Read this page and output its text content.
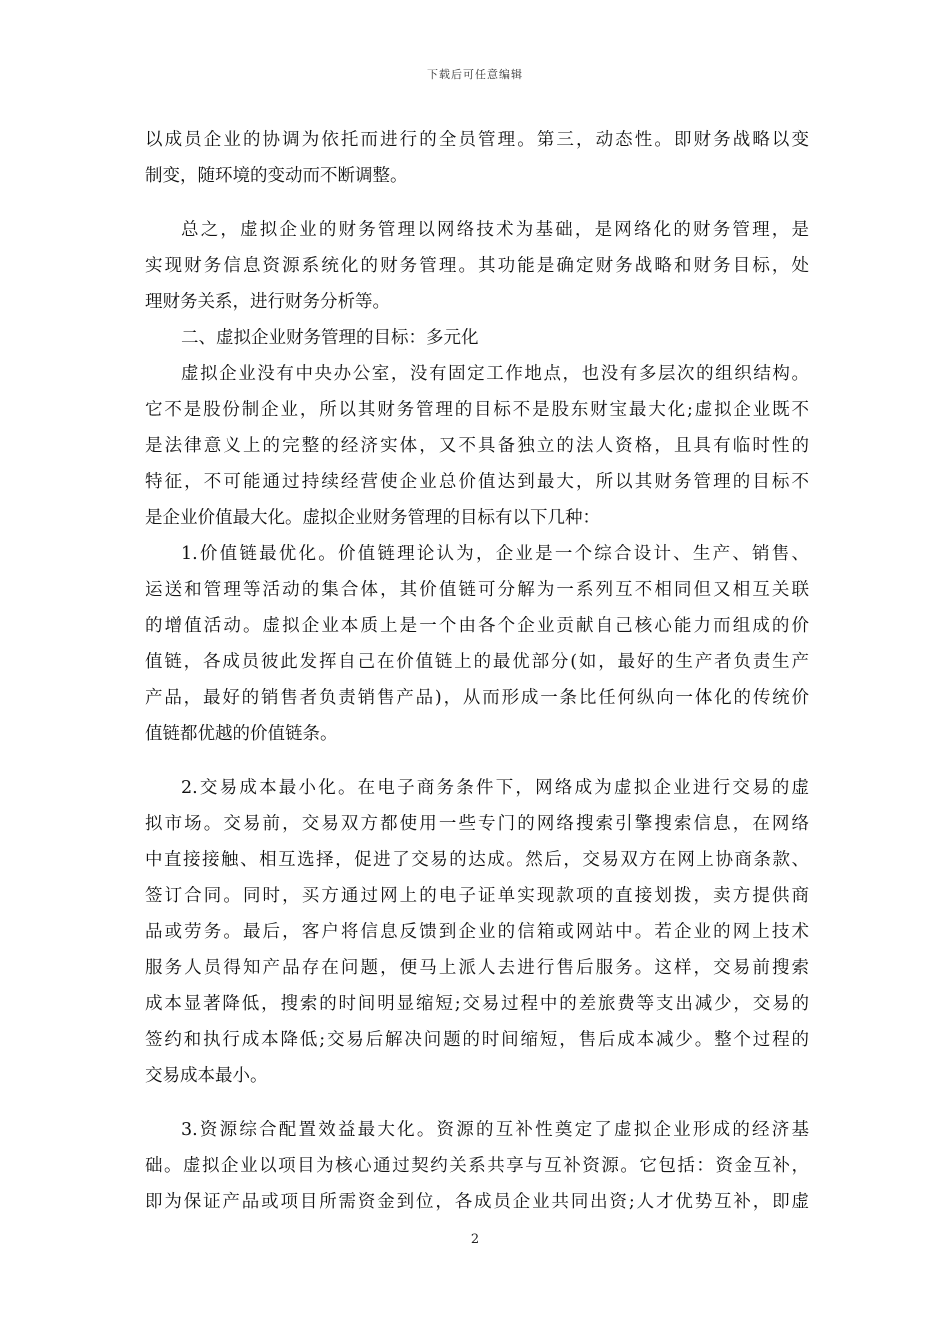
下载后可任意编辑
以成员企业的协调为依托而进行的全员管理。第三，动态性。即财务战略以变
制变，随环境的变动而不断调整。
总之，虚拟企业的财务管理以网络技术为基础，是网络化的财务管理，是
实现财务信息资源系统化的财务管理。其功能是确定财务战略和财务目标，处
理财务关系，进行财务分析等。
二、虚拟企业财务管理的目标：多元化
虚拟企业没有中央办公室，没有固定工作地点，也没有多层次的组织结构。
它不是股份制企业，所以其财务管理的目标不是股东财宝最大化;虚拟企业既不
是法律意义上的完整的经济实体，又不具备独立的法人资格，且具有临时性的
特征，不可能通过持续经营使企业总价值达到最大，所以其财务管理的目标不
是企业价值最大化。虚拟企业财务管理的目标有以下几种：
1.价值链最优化。价值链理论认为，企业是一个综合设计、生产、销售、
运送和管理等活动的集合体，其价值链可分解为一系列互不相同但又相互关联
的增值活动。虚拟企业本质上是一个由各个企业贡献自己核心能力而组成的价
值链，各成员彼此发挥自己在价值链上的最优部分(如，最好的生产者负责生产
产品，最好的销售者负责销售产品)，从而形成一条比任何纵向一体化的传统价
值链都优越的价值链条。
2.交易成本最小化。在电子商务条件下，网络成为虚拟企业进行交易的虚
拟市场。交易前，交易双方都使用一些专门的网络搜索引擎搜索信息，在网络
中直接接触、相互选择，促进了交易的达成。然后，交易双方在网上协商条款、
签订合同。同时，买方通过网上的电子证单实现款项的直接划拨，卖方提供商
品或劳务。最后，客户将信息反馈到企业的信箱或网站中。若企业的网上技术
服务人员得知产品存在问题，便马上派人去进行售后服务。这样，交易前搜索
成本显著降低，搜索的时间明显缩短;交易过程中的差旅费等支出减少，交易的
签约和执行成本降低;交易后解决问题的时间缩短，售后成本减少。整个过程的
交易成本最小。
3.资源综合配置效益最大化。资源的互补性奠定了虚拟企业形成的经济基
础。虚拟企业以项目为核心通过契约关系共享与互补资源。它包括：资金互补，
即为保证产品或项目所需资金到位，各成员企业共同出资;人才优势互补，即虚
2
